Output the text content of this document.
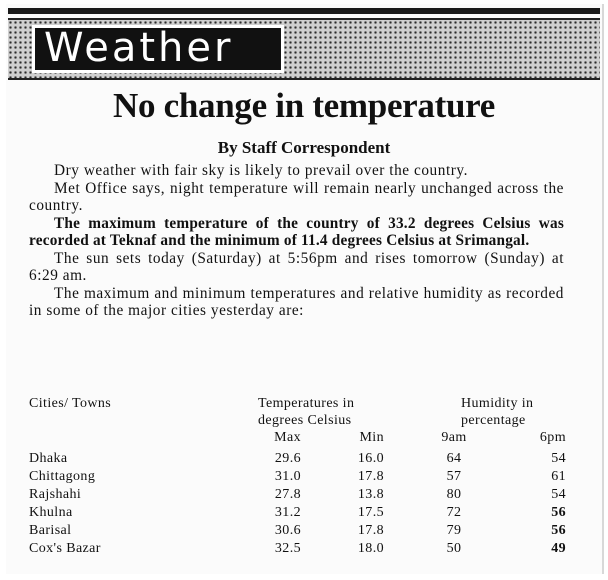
Weather
No change in temperature
By Staff Correspondent

Dry weather with fair sky is likely to prevail over the country.

Met Office says, night temperature will remain nearly unchanged across the country.

The maximum temperature of the country of 33.2 degrees Celsius was recorded at Teknaf and the minimum of 11.4 degrees Celsius at Srimangal.

The sun sets today (Saturday) at 5:56pm and rises tomorrow (Sunday) at 6:29 am.

The maximum and minimum temperatures and relative humidity as recorded in some of the major cities yesterday are:

Cities/ Towns	Temperatures in
degrees Celsius
Humidity in
percentage
Max	Min	9am	6pm
Dhaka	29.6	16.0	64	54
Chittagong	31.0	17.8	57	61
Rajshahi	27.8	13.8	80	54
Khulna	31.2	17.5	72	56
Barisal	30.6	17.8	79	56
Cox's Bazar	32.5	18.0	50	49
